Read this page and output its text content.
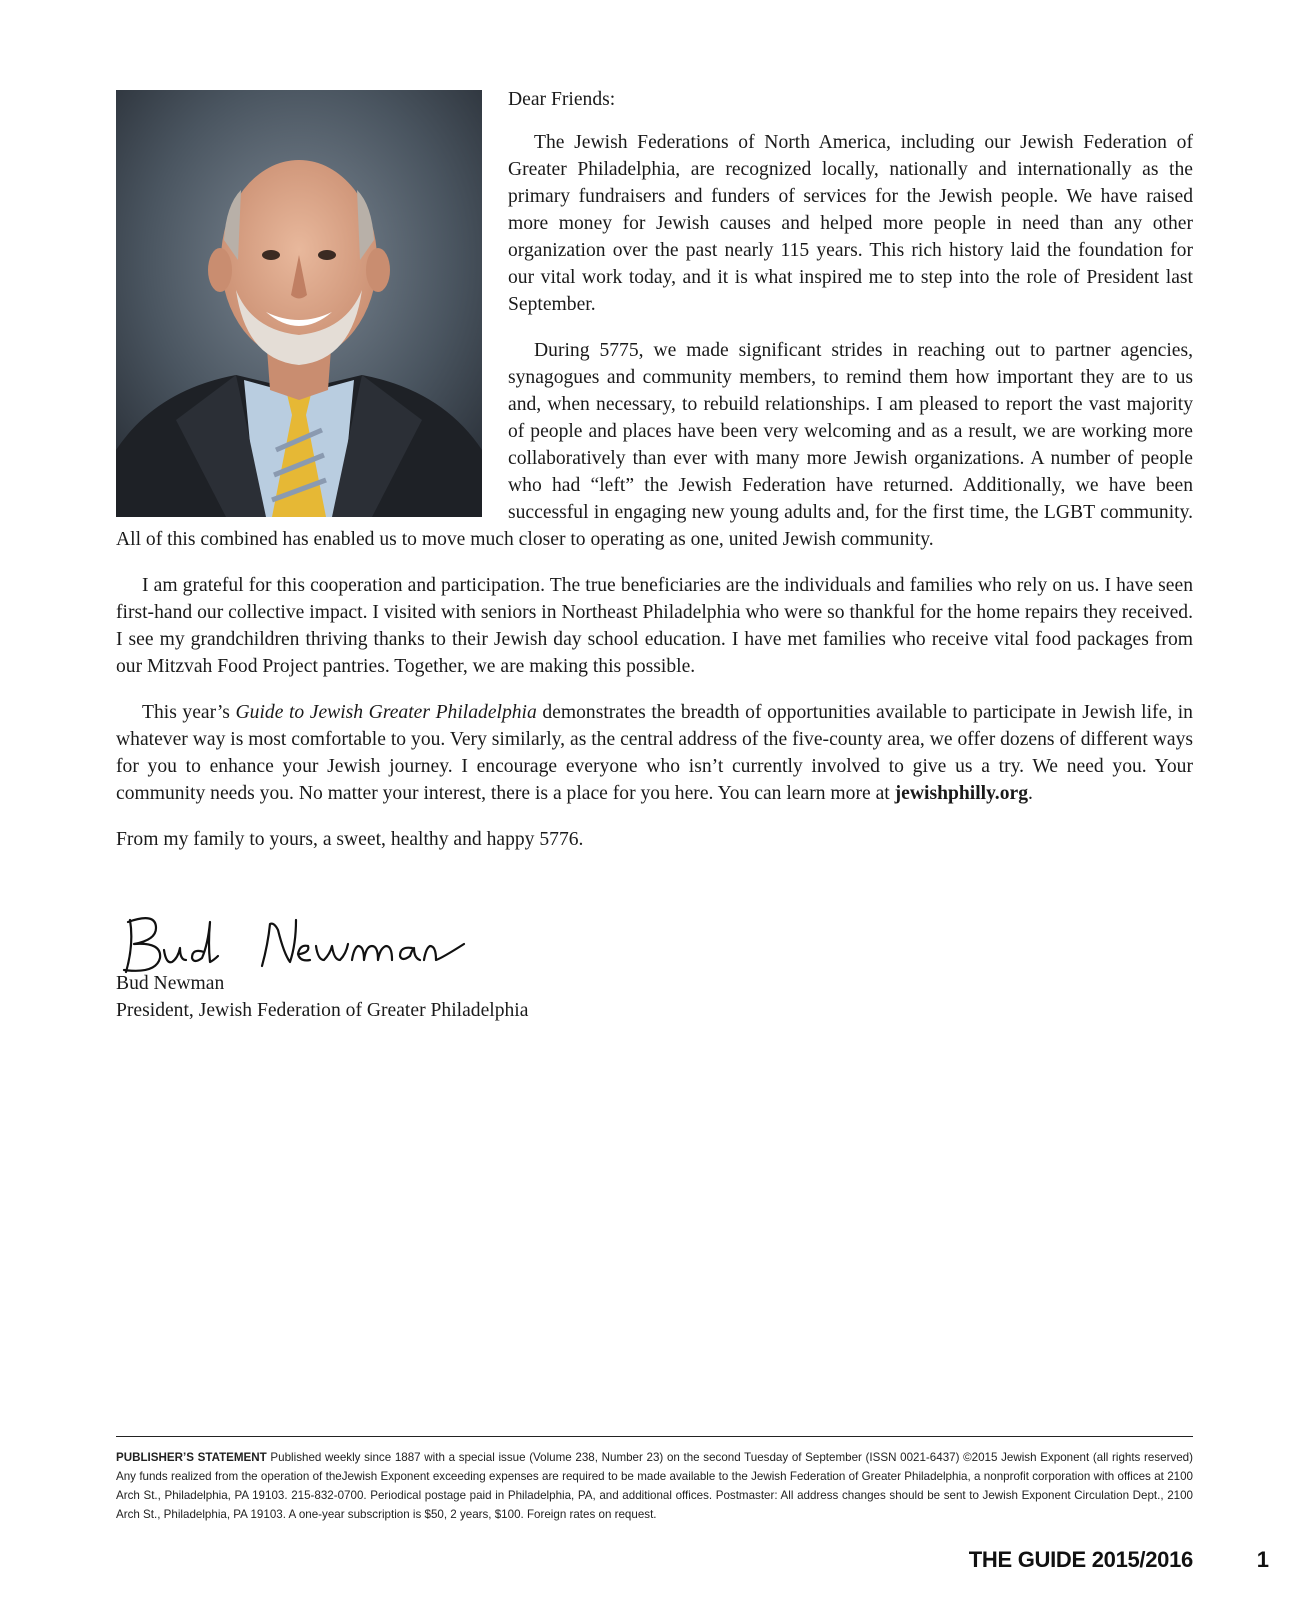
Dear Friends:

The Jewish Federations of North America, including our Jewish Federation of Greater Philadelphia, are recognized locally, nationally and internationally as the primary fundraisers and funders of services for the Jewish people. We have raised more money for Jewish causes and helped more people in need than any other organization over the past nearly 115 years. This rich history laid the foundation for our vital work today, and it is what inspired me to step into the role of President last September.

During 5775, we made significant strides in reaching out to partner agencies, synagogues and community members, to remind them how important they are to us and, when necessary, to rebuild relationships. I am pleased to report the vast majority of people and places have been very welcoming and as a result, we are working more collaboratively than ever with many more Jewish organizations. A number of people who had “left” the Jewish Federation have returned. Additionally, we have been successful in engaging new young adults and, for the first time, the LGBT community. All of this combined has enabled us to move much closer to operating as one, united Jewish community.

I am grateful for this cooperation and participation. The true beneficiaries are the individuals and families who rely on us. I have seen first-hand our collective impact. I visited with seniors in Northeast Philadelphia who were so thankful for the home repairs they received. I see my grandchildren thriving thanks to their Jewish day school education. I have met families who receive vital food packages from our Mitzvah Food Project pantries. Together, we are making this possible.

This year’s Guide to Jewish Greater Philadelphia demonstrates the breadth of opportunities available to participate in Jewish life, in whatever way is most comfortable to you. Very similarly, as the central address of the five-county area, we offer dozens of different ways for you to enhance your Jewish journey. I encourage everyone who isn’t currently involved to give us a try. We need you. Your community needs you. No matter your interest, there is a place for you here. You can learn more at jewishphilly.org.

From my family to yours, a sweet, healthy and happy 5776.

Bud Newman
President, Jewish Federation of Greater Philadelphia
PUBLISHER’S STATEMENT Published weekly since 1887 with a special issue (Volume 238, Number 23) on the second Tuesday of September (ISSN 0021-6437) ©2015 Jewish Exponent (all rights reserved) Any funds realized from the operation of theJewish Exponent exceeding expenses are required to be made available to the Jewish Federation of Greater Philadelphia, a nonprofit corporation with offices at 2100 Arch St., Philadelphia, PA 19103. 215-832-0700. Periodical postage paid in Philadelphia, PA, and additional offices. Postmaster: All address changes should be sent to Jewish Exponent Circulation Dept., 2100 Arch St., Philadelphia, PA 19103. A one-year subscription is $50, 2 years, $100. Foreign rates on request.
THE GUIDE 2015/2016	1
